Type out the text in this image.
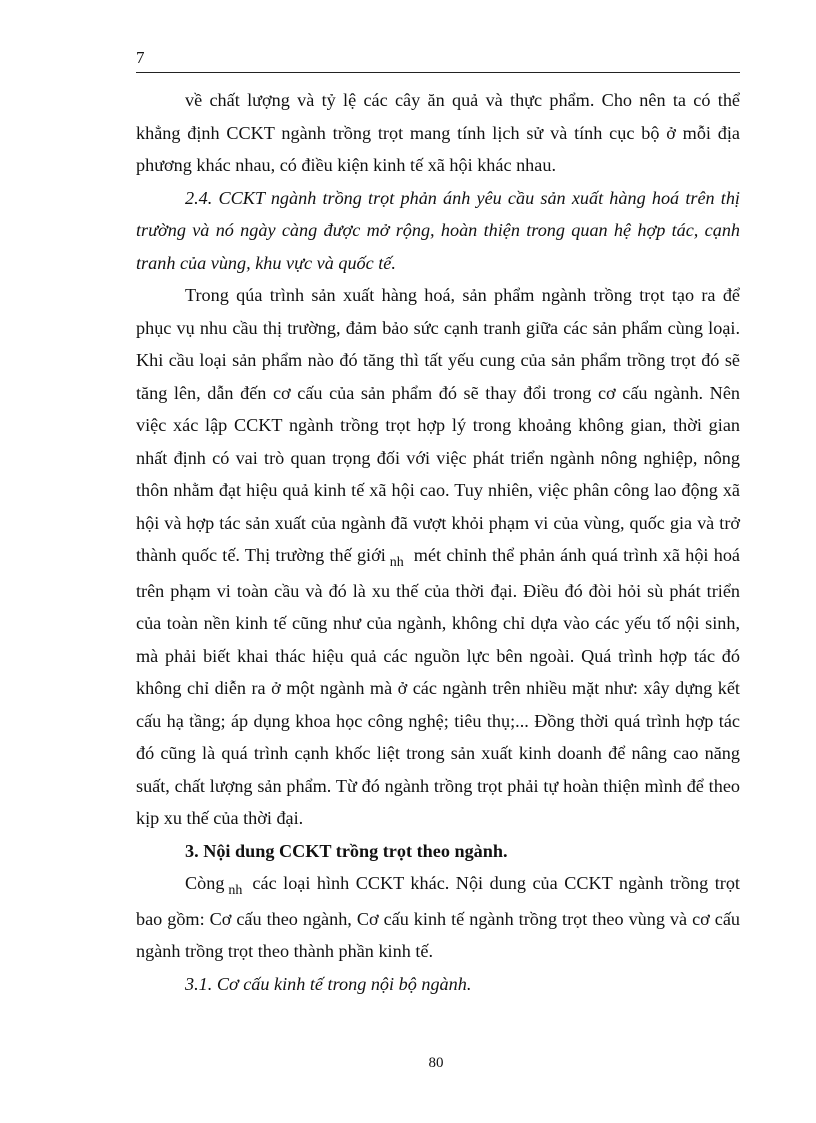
7

về chất lượng và tỷ lệ các cây ăn quả và thực phẩm. Cho nên ta có thể khẳng định CCKT ngành trồng trọt mang tính lịch sử và tính cục bộ ở mỗi địa phương khác nhau, có điều kiện kinh tế xã hội khác nhau.

2.4. CCKT ngành trồng trọt phản ánh yêu cầu sản xuất hàng hoá trên thị trường và nó ngày càng được mở rộng, hoàn thiện trong quan hệ hợp tác, cạnh tranh của vùng, khu vực và quốc tế.

Trong qúa trình sản xuất hàng hoá, sản phẩm ngành trồng trọt tạo ra để phục vụ nhu cầu thị trường, đảm bảo sức cạnh tranh giữa các sản phẩm cùng loại. Khi cầu loại sản phẩm nào đó tăng thì tất yếu cung của sản phẩm trồng trọt đó sẽ tăng lên, dẫn đến cơ cấu của sản phẩm đó sẽ thay đổi trong cơ cấu ngành. Nên việc xác lập CCKT ngành trồng trọt hợp lý trong khoảng không gian, thời gian nhất định có vai trò quan trọng đối với việc phát triển ngành nông nghiệp, nông thôn nhằm đạt hiệu quả kinh tế xã hội cao. Tuy nhiên, việc phân công lao động xã hội và hợp tác sản xuất của ngành đã vượt khỏi phạm vi của vùng, quốc gia và trở thành quốc tế. Thị trường thế giới $_{nh}$ mét chỉnh thể phản ánh quá trình xã hội hoá trên phạm vi toàn cầu và đó là xu thế của thời đại. Điều đó đòi hỏi sù phát triển của toàn nền kinh tế cũng như của ngành, không chỉ dựa vào các yếu tố nội sinh, mà phải biết khai thác hiệu quả các nguồn lực bên ngoài. Quá trình hợp tác đó không chỉ diễn ra ở một ngành mà ở các ngành trên nhiều mặt như: xây dựng kết cấu hạ tầng; áp dụng khoa học công nghệ; tiêu thụ;... Đồng thời quá trình hợp tác đó cũng là quá trình cạnh khốc liệt trong sản xuất kinh doanh để nâng cao năng suất, chất lượng sản phẩm. Từ đó ngành trồng trọt phải tự hoàn thiện mình để theo kịp xu thế của thời đại.

3. Nội dung CCKT trồng trọt theo ngành.

Còng $_{nh}$ các loại hình CCKT khác. Nội dung của CCKT ngành trồng trọt bao gồm: Cơ cấu theo ngành, Cơ cấu kinh tế ngành trồng trọt theo vùng và cơ cấu ngành trồng trọt theo thành phần kinh tế.

3.1. Cơ cấu kinh tế trong nội bộ ngành.

80
